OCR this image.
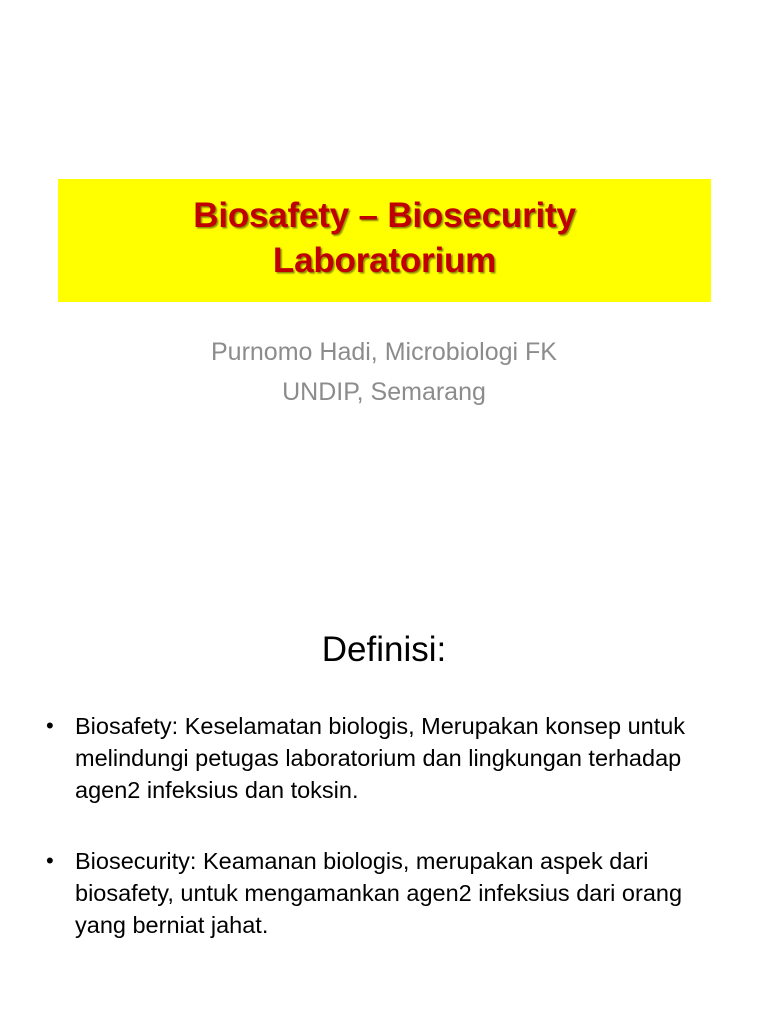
Biosafety – Biosecurity
Laboratorium
Purnomo Hadi, Microbiologi FK
UNDIP, Semarang
Definisi:
• Biosafety: Keselamatan biologis, Merupakan konsep untuk melindungi petugas laboratorium dan lingkungan terhadap agen2 infeksius dan toksin.
• Biosecurity: Keamanan biologis, merupakan aspek dari biosafety, untuk mengamankan agen2 infeksius dari orang yang berniat jahat.
